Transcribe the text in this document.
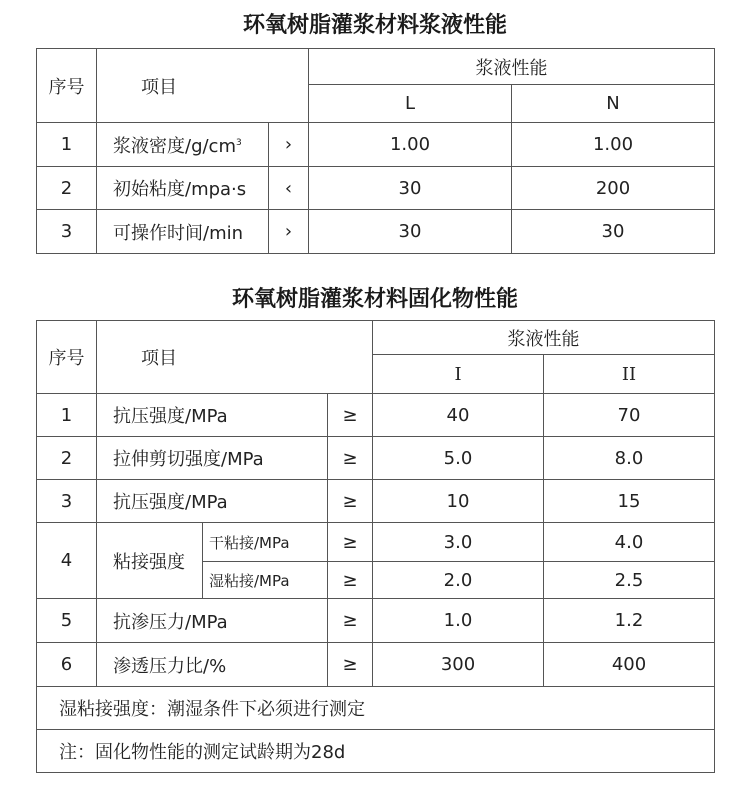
环氧树脂灌浆材料浆液性能
序号	项目		浆液性能	
			L	N
1	浆液密度$/g/cm^3$	›	1.00	1.00
2	初始粘度/mpa·s	‹	30	200
3	可操作时间/min	›	30	30
环氧树脂灌浆材料固化物性能
序号	项目			浆液性能	
				I	II
1	抗压强度/MPa		≥	40	70
2	拉伸剪切强度/MPa		≥	5.0	8.0
3	抗压强度/MPa		≥	10	15
4	粘接强度	干粘接/MPa	≥	3.0	4.0
		湿粘接/MPa	≥	2.0	2.5
5	抗渗压力/MPa		≥	1.0	1.2
6	渗透压力比/%		≥	300	400
湿粘接强度：潮湿条件下必须进行测定					
注：固化物性能的测定试龄期为28d					
